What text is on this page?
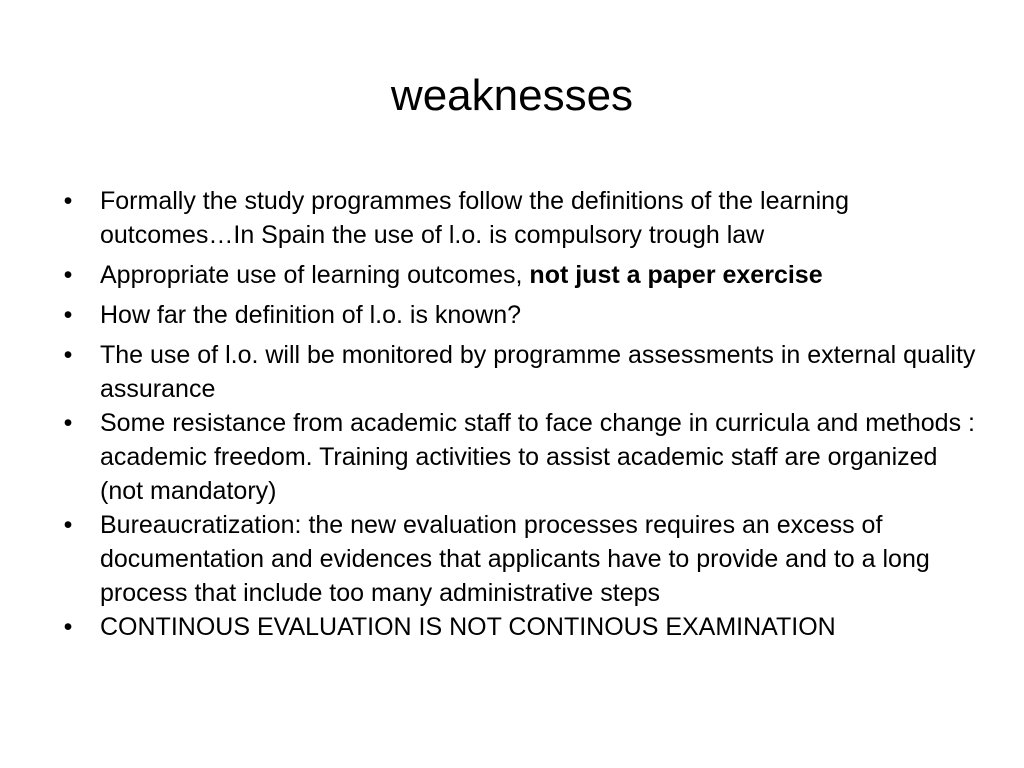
weaknesses
• Formally the study programmes follow the definitions of the learning outcomes…In Spain the use of l.o. is compulsory trough law
• Appropriate use of learning outcomes, not just a paper exercise
• How far the definition of l.o. is known?
• The use of l.o. will be monitored by programme assessments in external quality assurance
• Some resistance from academic staff to face change in curricula and methods : academic freedom. Training activities to assist academic staff are organized (not mandatory)
• Bureaucratization: the new evaluation processes requires an excess of documentation and evidences that applicants have to provide and to a long process that include too many administrative steps
• CONTINOUS EVALUATION IS NOT CONTINOUS EXAMINATION
